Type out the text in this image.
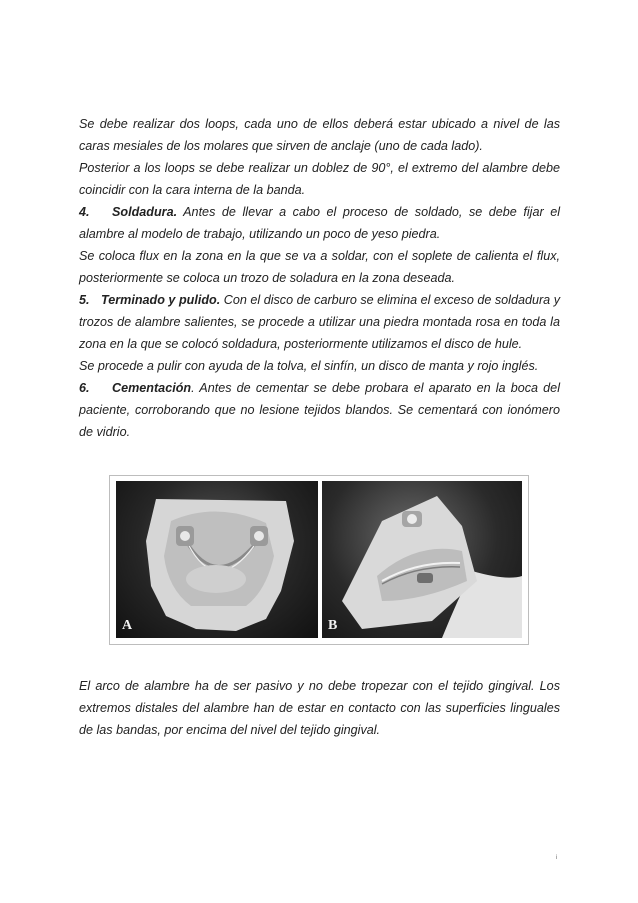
Se debe realizar dos loops, cada uno de ellos deberá estar ubicado a nivel de las caras mesiales de los molares que sirven de anclaje (uno de cada lado).

Posterior a los loops se debe realizar un doblez de 90°, el extremo del alambre debe coincidir con la cara interna de la banda.

4. Soldadura. Antes de llevar a cabo el proceso de soldado, se debe fijar el alambre al modelo de trabajo, utilizando un poco de yeso piedra.

Se coloca flux en la zona en la que se va a soldar, con el soplete de calienta el flux, posteriormente se coloca un trozo de soladura en la zona deseada.

5. Terminado y pulido. Con el disco de carburo se elimina el exceso de soldadura y trozos de alambre salientes, se procede a utilizar una piedra montada rosa en toda la zona en la que se colocó soldadura, posteriormente utilizamos el disco de hule.

Se procede a pulir con ayuda de la tolva, el sinfín, un disco de manta y rojo inglés.

6. Cementación. Antes de cementar se debe probara el aparato en la boca del paciente, corroborando que no lesione tejidos blandos. Se cementará con ionómero de vidrio.

A	B

El arco de alambre ha de ser pasivo y no debe tropezar con el tejido gingival. Los extremos distales del alambre han de estar en contacto con las superficies linguales de las bandas, por encima del nivel del tejido gingival.

i
